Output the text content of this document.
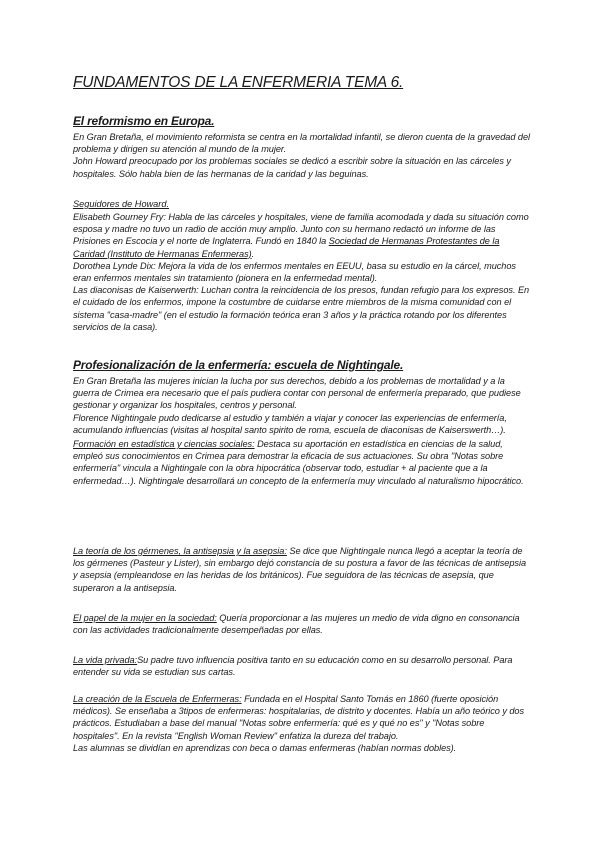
FUNDAMENTOS DE LA ENFERMERIA TEMA 6.
El reformismo en Europa.

En Gran Bretaña, el movimiento reformista se centra en la mortalidad infantil, se dieron cuenta de la gravedad del problema y dirigen su atención al mundo de la mujer.

John Howard preocupado por los problemas sociales se dedicó a escribir sobre la situación en las cárceles y hospitales. Sólo habla bien de las hermanas de la caridad y las beguinas.

Seguidores de Howard.

Elisabeth Gourney Fry: Habla de las cárceles y hospitales, viene de familia acomodada y dada su situación como esposa y madre no tuvo un radio de acción muy amplio. Junto con su hermano redactó un informe de las Prisiones en Escocia y el norte de Inglaterra. Fundó en 1840 la Sociedad de Hermanas Protestantes de la Caridad (Instituto de Hermanas Enfermeras).

Dorothea Lynde Dix: Mejora la vida de los enfermos mentales en EEUU, basa su estudio en la cárcel, muchos eran enfermos mentales sin tratamiento (pionera en la enfermedad mental).

Las diaconisas de Kaiserwerth: Luchan contra la reincidencia de los presos, fundan refugio para los expresos. En el cuidado de los enfermos, impone la costumbre de cuidarse entre miembros de la misma comunidad con el sistema "casa-madre" (en el estudio la formación teórica eran 3 años y la práctica rotando por los diferentes servicios de la casa).

Profesionalización de la enfermería: escuela de Nightingale.

En Gran Bretaña las mujeres inician la lucha por sus derechos, debido a los problemas de mortalidad y a la guerra de Crimea era necesario que el país pudiera contar con personal de enfermería preparado, que pudiese gestionar y organizar los hospitales, centros y personal.

Florence Nightingale pudo dedicarse al estudio y también a viajar y conocer las experiencias de enfermería, acumulando influencias (visitas al hospital santo spirito de roma, escuela de diaconisas de Kaiserswerth…).

Formación en estadística y ciencias sociales: Destaca su aportación en estadística en ciencias de la salud, empleó sus conocimientos en Crimea para demostrar la eficacia de sus actuaciones. Su obra "Notas sobre enfermería" vincula a Nightingale con la obra hipocrática (observar todo, estudiar + al paciente que a la enfermedad…). Nightingale desarrollará un concepto de la enfermería muy vinculado al naturalismo hipocrático.

La teoría de los gérmenes, la antisepsia y la asepsia: Se dice que Nightingale nunca llegó a aceptar la teoría de los gérmenes (Pasteur y Lister), sin embargo dejó constancia de su postura a favor de las técnicas de antisepsia y asepsia (empleandose en las heridas de los británicos). Fue seguidora de las técnicas de asepsia, que superaron a la antisepsia.

El papel de la mujer en la sociedad: Quería proporcionar a las mujeres un medio de vida digno en consonancia con las actividades tradicionalmente desempeñadas por ellas.

La vida privada:Su padre tuvo influencia positiva tanto en su educación como en su desarrollo personal. Para entender su vida se estudian sus cartas.

La creación de la Escuela de Enfermeras: Fundada en el Hospital Santo Tomás en 1860 (fuerte oposición médicos). Se enseñaba a 3tipos de enfermeras: hospitalarias, de distrito y docentes. Había un año teórico y dos prácticos. Estudiaban a base del manual "Notas sobre enfermería: qué es y qué no es" y "Notas sobre hospitales". En la revista "English Woman Review" enfatiza la dureza del trabajo.

Las alumnas se dividían en aprendizas con beca o damas enfermeras (habían normas dobles).
